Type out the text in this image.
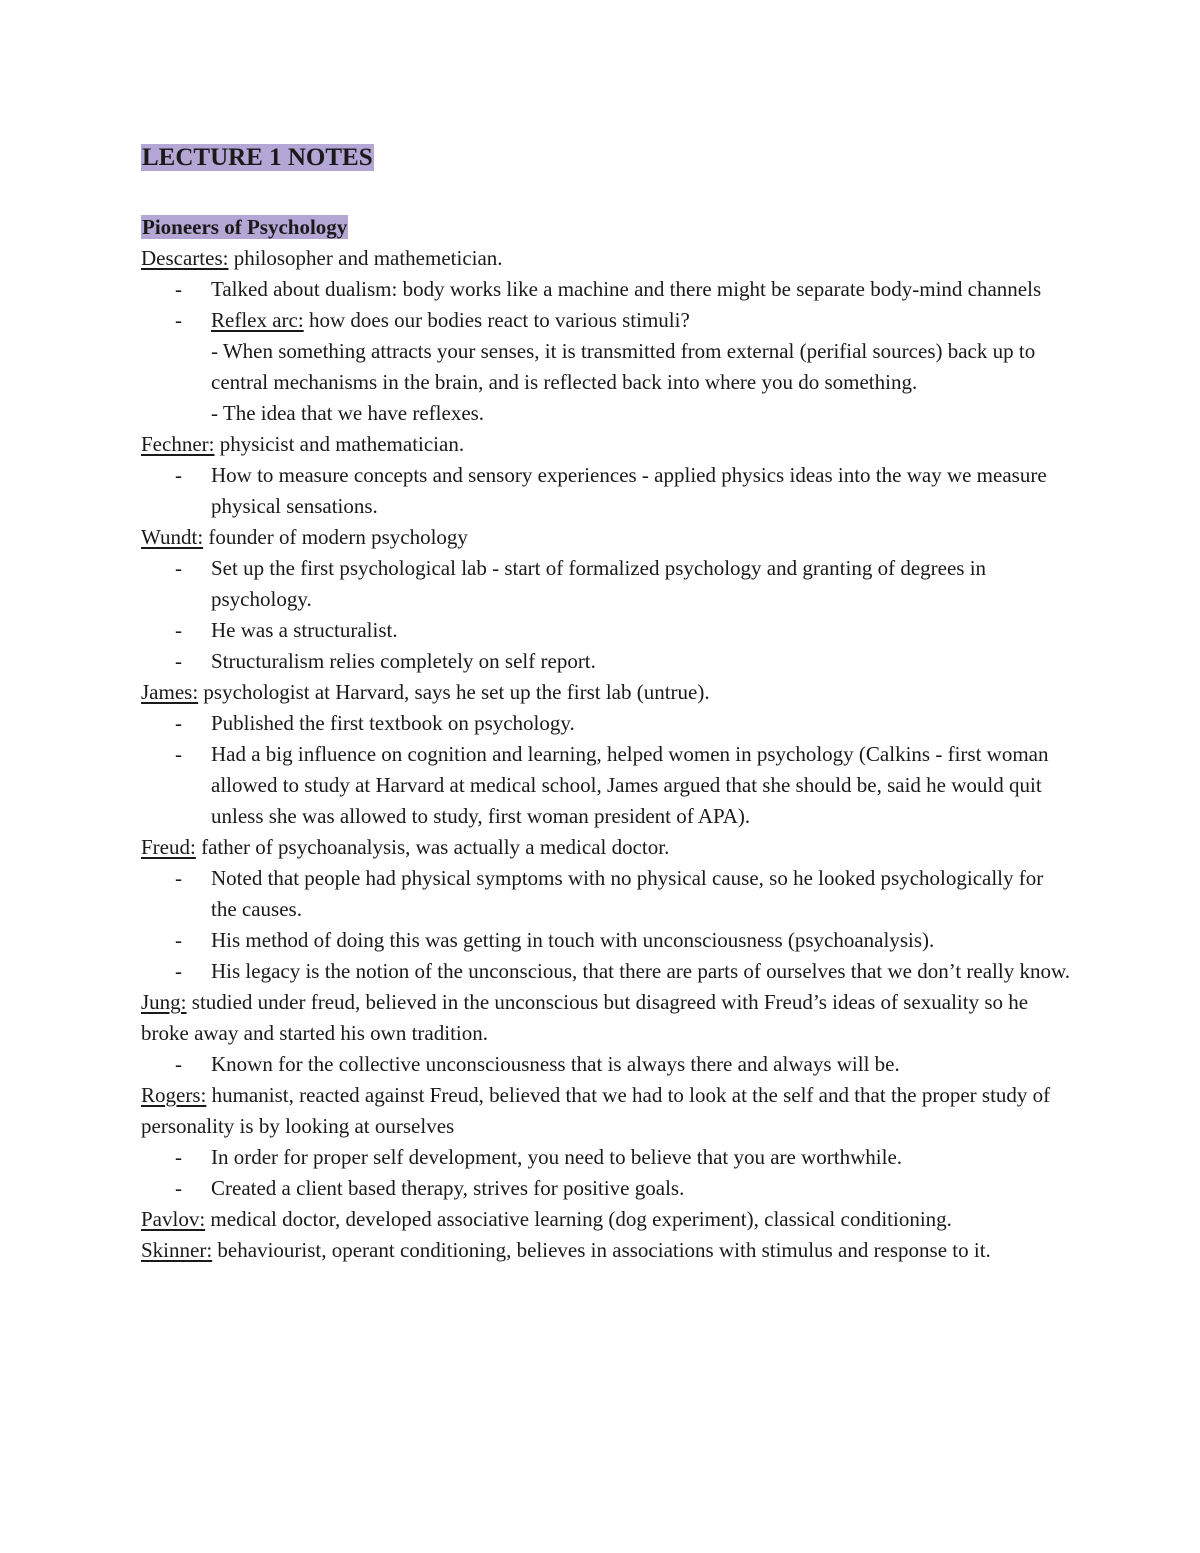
LECTURE 1 NOTES

Pioneers of Psychology

Descartes: philosopher and mathemetician.

- Talked about dualism: body works like a machine and there might be separate body-mind channels
- Reflex arc: how does our bodies react to various stimuli?
- When something attracts your senses, it is transmitted from external (perifial sources) back up to central mechanisms in the brain, and is reflected back into where you do something.
- The idea that we have reflexes.

Fechner: physicist and mathematician.

- How to measure concepts and sensory experiences - applied physics ideas into the way we measure physical sensations.

Wundt: founder of modern psychology

- Set up the first psychological lab - start of formalized psychology and granting of degrees in psychology.
- He was a structuralist.
- Structuralism relies completely on self report.

James: psychologist at Harvard, says he set up the first lab (untrue).

- Published the first textbook on psychology.
- Had a big influence on cognition and learning, helped women in psychology (Calkins - first woman allowed to study at Harvard at medical school, James argued that she should be, said he would quit unless she was allowed to study, first woman president of APA).

Freud: father of psychoanalysis, was actually a medical doctor.

- Noted that people had physical symptoms with no physical cause, so he looked psychologically for the causes.
- His method of doing this was getting in touch with unconsciousness (psychoanalysis).
- His legacy is the notion of the unconscious, that there are parts of ourselves that we don’t really know.

Jung: studied under freud, believed in the unconscious but disagreed with Freud’s ideas of sexuality so he broke away and started his own tradition.

- Known for the collective unconsciousness that is always there and always will be.

Rogers: humanist, reacted against Freud, believed that we had to look at the self and that the proper study of personality is by looking at ourselves

- In order for proper self development, you need to believe that you are worthwhile.
- Created a client based therapy, strives for positive goals.

Pavlov: medical doctor, developed associative learning (dog experiment), classical conditioning.

Skinner: behaviourist, operant conditioning, believes in associations with stimulus and response to it.
